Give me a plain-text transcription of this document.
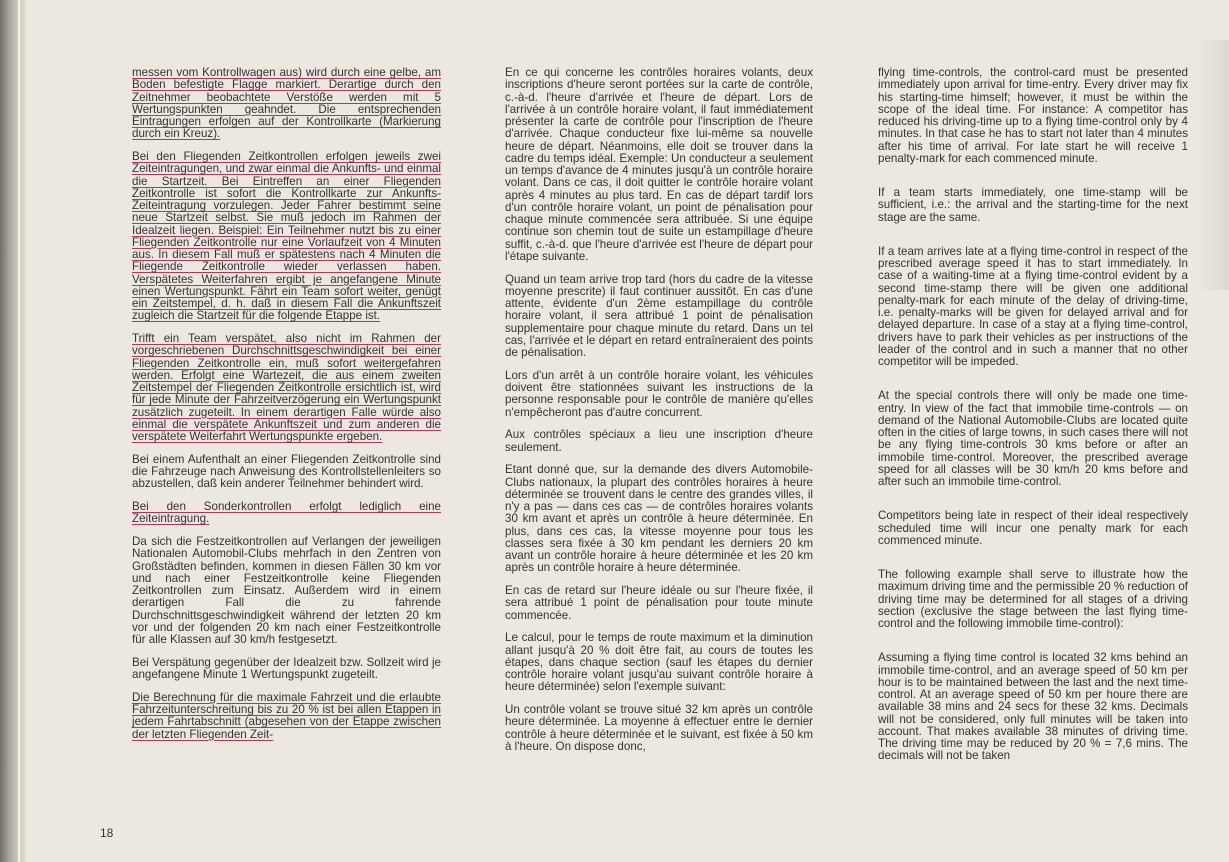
messen vom Kontrollwagen aus) wird durch eine gelbe, am Boden befestigte Flagge markiert. Derartige durch den Zeitnehmer beobachtete Verstöße werden mit 5 Wertungspunkten geahndet. Die entsprechenden Eintragungen erfolgen auf der Kontrollkarte (Markierung durch ein Kreuz).

Bei den Fliegenden Zeitkontrollen erfolgen jeweils zwei Zeiteintragungen, und zwar einmal die Ankunfts- und einmal die Startzeit. Bei Eintreffen an einer Fliegenden Zeitkontrolle ist sofort die Kontrollkarte zur Ankunfts-Zeiteintragung vorzulegen. Jeder Fahrer bestimmt seine neue Startzeit selbst. Sie muß jedoch im Rahmen der Idealzeit liegen. Beispiel: Ein Teilnehmer nutzt bis zu einer Fliegenden Zeitkontrolle nur eine Vorlaufzeit von 4 Minuten aus. In diesem Fall muß er spätestens nach 4 Minuten die Fliegende Zeitkontrolle wieder verlassen haben. Verspätetes Weiterfahren ergibt je angefangene Minute einen Wertungspunkt. Fährt ein Team sofort weiter, genügt ein Zeitstempel, d. h. daß in diesem Fall die Ankunftszeit zugleich die Startzeit für die folgende Etappe ist.

Trifft ein Team verspätet, also nicht im Rahmen der vorgeschriebenen Durchschnittsgeschwindigkeit bei einer Fliegenden Zeitkontrolle ein, muß sofort weitergefahren werden. Erfolgt eine Wartezeit, die aus einem zweiten Zeitstempel der Fliegenden Zeitkontrolle ersichtlich ist, wird für jede Minute der Fahrzeitverzögerung ein Wertungspunkt zusätzlich zugeteilt. In einem derartigen Falle würde also einmal die verspätete Ankunftszeit und zum anderen die verspätete Weiterfahrt Wertungspunkte ergeben.

Bei einem Aufenthalt an einer Fliegenden Zeitkontrolle sind die Fahrzeuge nach Anweisung des Kontrollstellenleiters so abzustellen, daß kein anderer Teilnehmer behindert wird.

Bei den Sonderkontrollen erfolgt lediglich eine Zeiteintragung.

Da sich die Festzeitkontrollen auf Verlangen der jeweiligen Nationalen Automobil-Clubs mehrfach in den Zentren von Großstädten befinden, kommen in diesen Fällen 30 km vor und nach einer Festzeitkontrolle keine Fliegenden Zeitkontrollen zum Einsatz. Außerdem wird in einem derartigen Fall die zu fahrende Durchschnittsgeschwindigkeit während der letzten 20 km vor und der folgenden 20 km nach einer Festzeitkontrolle für alle Klassen auf 30 km/h festgesetzt.

Bei Verspätung gegenüber der Idealzeit bzw. Sollzeit wird je angefangene Minute 1 Wertungspunkt zugeteilt.

Die Berechnung für die maximale Fahrzeit und die erlaubte Fahrzeitunterschreitung bis zu 20 % ist bei allen Etappen in jedem Fahrtabschnitt (abgesehen von der Etappe zwischen der letzten Fliegenden Zeit-

En ce qui concerne les contrôles horaires volants, deux inscriptions d'heure seront portées sur la carte de contrôle, c.-à-d. l'heure d'arrivée et l'heure de départ. Lors de l'arrivée à un contrôle horaire volant, il faut immédiatement présenter la carte de contrôle pour l'inscription de l'heure d'arrivée. Chaque conducteur fixe lui-même sa nouvelle heure de départ. Néanmoins, elle doit se trouver dans la cadre du temps idéal. Exemple: Un conducteur a seulement un temps d'avance de 4 minutes jusqu'à un contrôle horaire volant. Dans ce cas, il doit quitter le contrôle horaire volant après 4 minutes au plus tard. En cas de départ tardif lors d'un contrôle horaire volant, un point de pénalisation pour chaque minute commencée sera attribuée. Si une équipe continue son chemin tout de suite un estampillage d'heure suffit, c.-à-d. que l'heure d'arrivée est l'heure de départ pour l'étape suivante.

Quand un team arrive trop tard (hors du cadre de la vitesse moyenne prescrite) il faut continuer aussitôt. En cas d'une attente, évidente d'un 2ème estampillage du contrôle horaire volant, il sera attribué 1 point de pénalisation supplementaire pour chaque minute du retard. Dans un tel cas, l'arrivée et le départ en retard entraîneraient des points de pénalisation.

Lors d'un arrêt à un contrôle horaire volant, les véhicules doivent être stationnées suivant les instructions de la personne responsable pour le contrôle de manière qu'elles n'empêcheront pas d'autre concurrent.

Aux contrôles spéciaux a lieu une inscription d'heure seulement.

Etant donné que, sur la demande des divers Automobile-Clubs nationaux, la plupart des contrôles horaires à heure déterminée se trouvent dans le centre des grandes villes, il n'y a pas — dans ces cas — de contrôles horaires volants 30 km avant et après un contrôle à heure déterminée. En plus, dans ces cas, la vitesse moyenne pour tous les classes sera fixée à 30 km pendant les derniers 20 km avant un contrôle horaire à heure déterminée et les 20 km après un contrôle horaire à heure déterminée.

En cas de retard sur l'heure idéale ou sur l'heure fixée, il sera attribué 1 point de pénalisation pour toute minute commencée.

Le calcul, pour le temps de route maximum et la diminution allant jusqu'à 20 % doit être fait, au cours de toutes les étapes, dans chaque section (sauf les étapes du dernier contrôle horaire volant jusqu'au suivant contrôle horaire à heure déterminée) selon l'exemple suivant:

Un contrôle volant se trouve situé 32 km après un contrôle heure déterminée. La moyenne à effectuer entre le dernier contrôle à heure déterminée et le suivant, est fixée à 50 km à l'heure. On dispose donc,

flying time-controls, the control-card must be presented immediately upon arrival for time-entry. Every driver may fix his starting-time himself; however, it must be within the scope of the ideal time. For instance: A competitor has reduced his driving-time up to a flying time-control only by 4 minutes. In that case he has to start not later than 4 minutes after his time of arrival. For late start he will receive 1 penalty-mark for each commenced minute.

If a team starts immediately, one time-stamp will be sufficient, i.e.: the arrival and the starting-time for the next stage are the same.

If a team arrives late at a flying time-control in respect of the prescribed average speed it has to start immediately. In case of a waiting-time at a flying time-control evident by a second time-stamp there will be given one additional penalty-mark for each minute of the delay of driving-time, i.e. penalty-marks will be given for delayed arrival and for delayed departure. In case of a stay at a flying time-control, drivers have to park their vehicles as per instructions of the leader of the control and in such a manner that no other competitor will be impeded.

At the special controls there will only be made one time-entry. In view of the fact that immobile time-controls — on demand of the National Automobile-Clubs are located quite often in the cities of large towns, in such cases there will not be any flying time-controls 30 kms before or after an immobile time-control. Moreover, the prescribed average speed for all classes will be 30 km/h 20 kms before and after such an immobile time-control.

Competitors being late in respect of their ideal respectively scheduled time will incur one penalty mark for each commenced minute.

The following example shall serve to illustrate how the maximum driving time and the permissible 20 % reduction of driving time may be determined for all stages of a driving section (exclusive the stage between the last flying time-control and the following immobile time-control):

Assuming a flying time control is located 32 kms behind an immobile time-control, and an average speed of 50 km per hour is to be maintained between the last and the next time-control. At an average speed of 50 km per houre there are available 38 mins and 24 secs for these 32 kms. Decimals will not be considered, only full minutes will be taken into account. That makes available 38 minutes of driving time. The driving time may be reduced by 20 % = 7,6 mins. The decimals will not be taken

18
